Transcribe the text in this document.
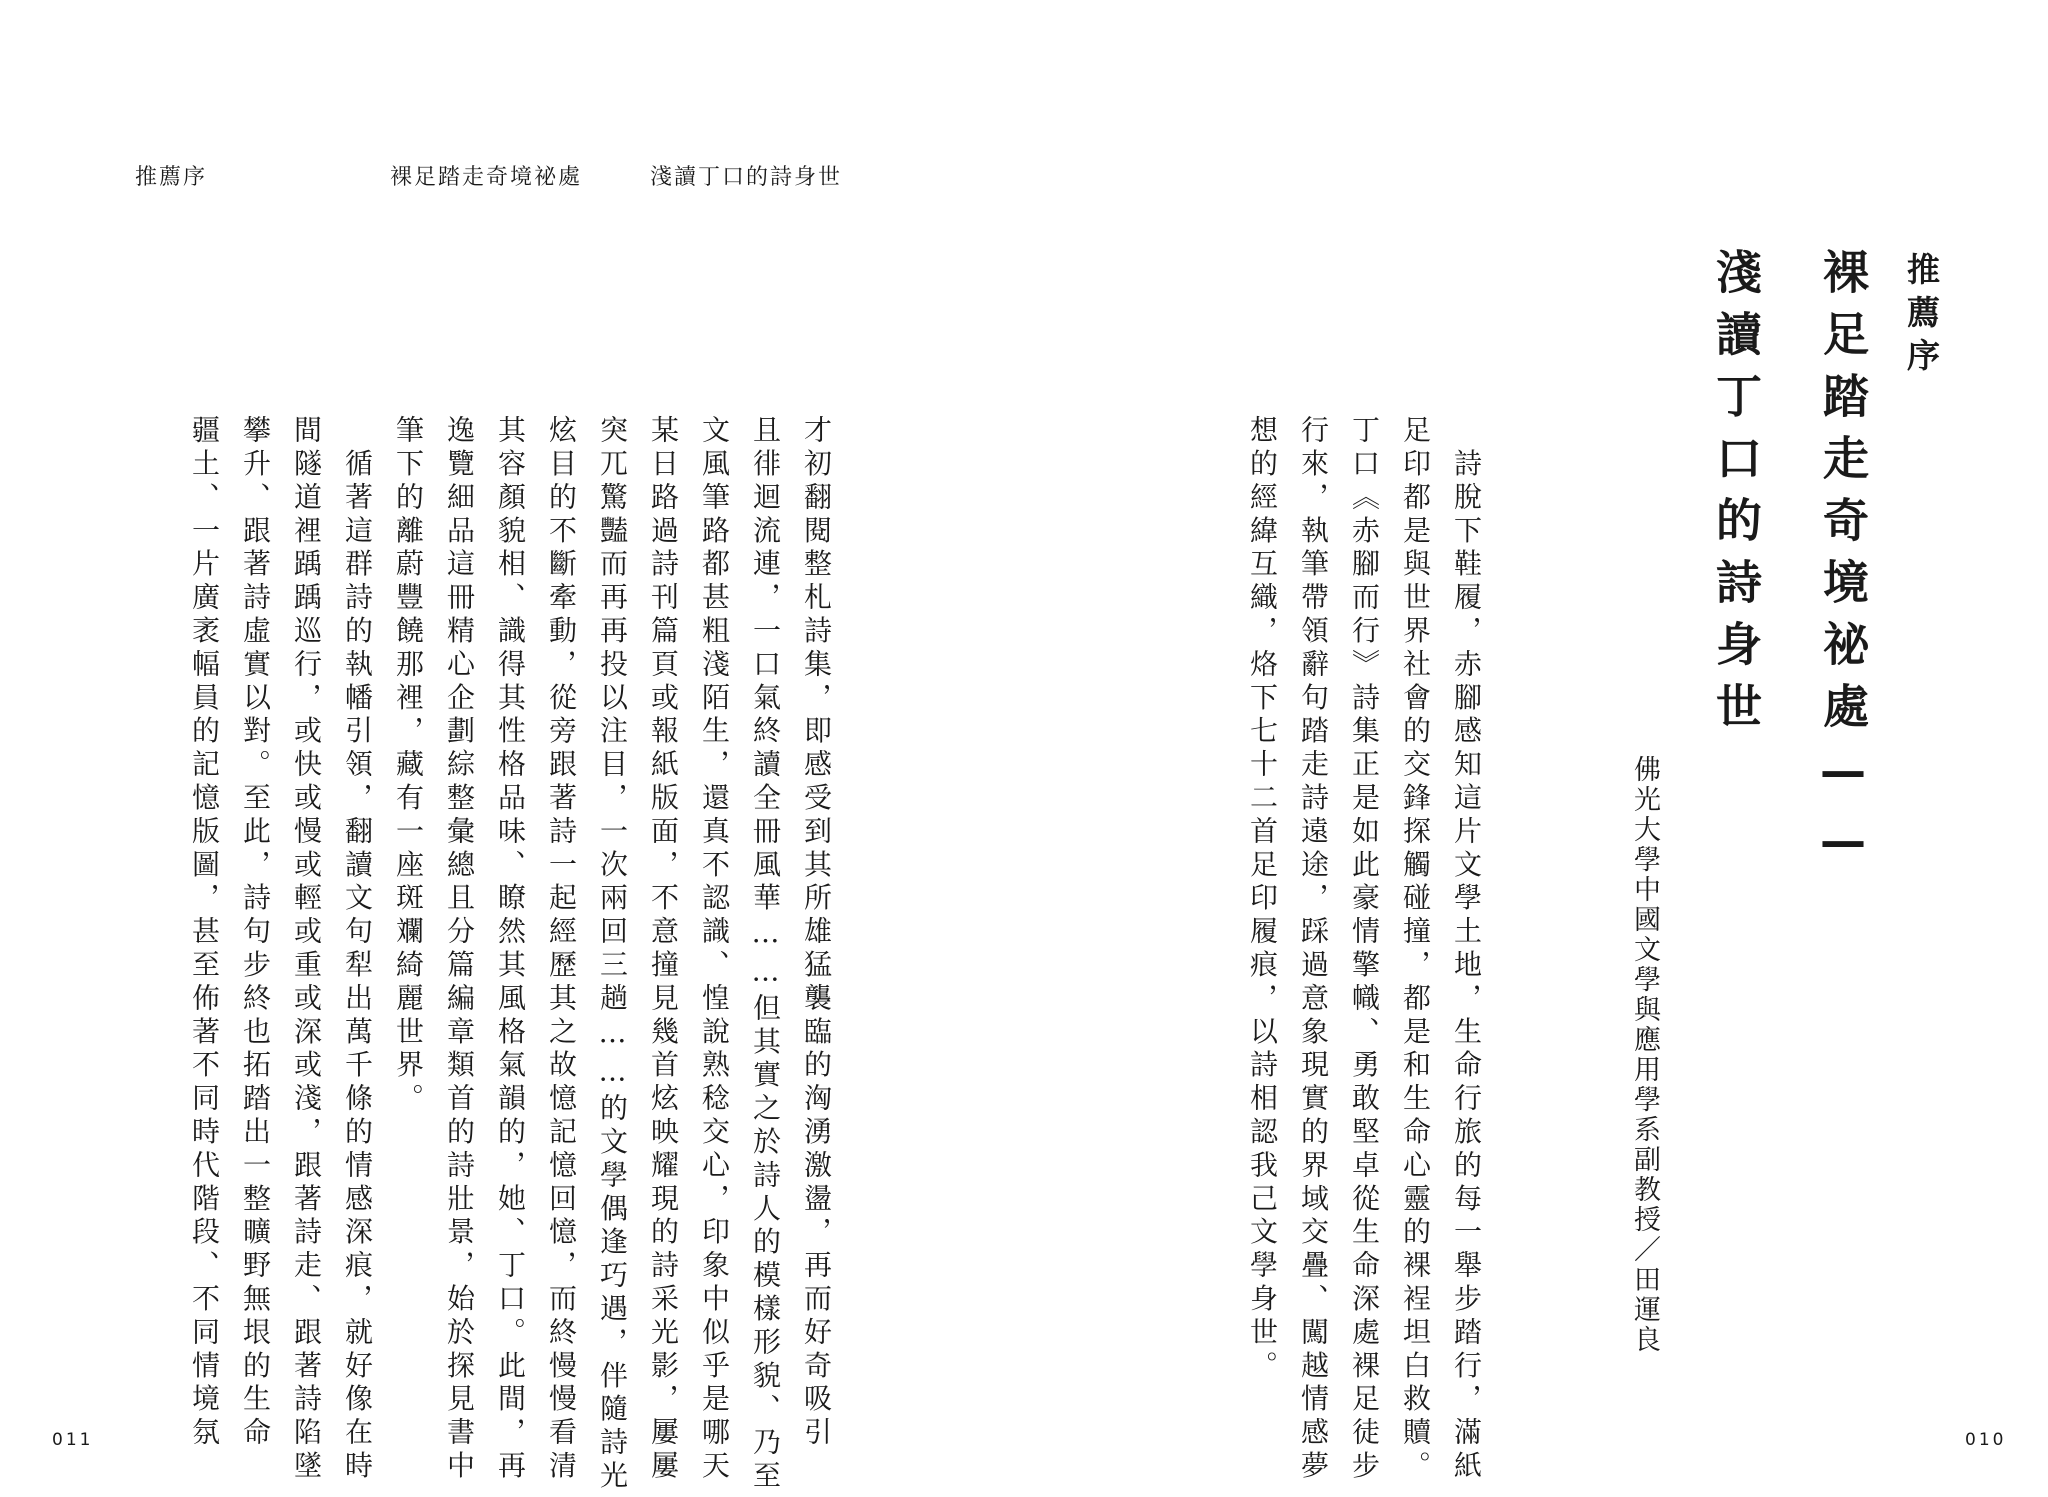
推薦序	裸足踏走奇境祕處	淺讀丁口的詩身世
才初翻閱整札詩集，即感受到其所雄猛襲臨的洶湧激盪，再而好奇吸引
且徘迴流連，一口氣終讀全冊風華……但其實之於詩人的模樣形貌、乃至
文風筆路都甚粗淺陌生，還真不認識、惶說熟稔交心，印象中似乎是哪天
某日路過詩刊篇頁或報紙版面，不意撞見幾首炫映耀現的詩采光影，屢屢
突兀驚豔而再再投以注目，一次兩回三趟……的文學偶逢巧遇，伴隨詩光
炫目的不斷牽動，從旁跟著詩一起經歷其之故憶記憶回憶，而終慢慢看清
其容顏貌相、識得其性格品味、瞭然其風格氣韻的，她、丁口。此間，再
逸覽細品這冊精心企劃綜整彙總且分篇編章類首的詩壯景，始於探見書中
筆下的離蔚豐饒那裡，藏有一座斑斕綺麗世界。
　循著這群詩的執幡引領，翻讀文句犁出萬千條的情感深痕，就好像在時
間隧道裡踽踽巡行，或快或慢或輕或重或深或淺，跟著詩走、跟著詩陷墜
攀升、跟著詩虛實以對。至此，詩句步終也拓踏出一整曠野無垠的生命
疆土、一片廣袤幅員的記憶版圖，甚至佈著不同時代階段、不同情境氛
011
推薦序
裸足踏走奇境祕處——
淺讀丁口的詩身世
佛光大學中國文學與應用學系副教授／田運良
　詩脫下鞋履，赤腳感知這片文學土地，生命行旅的每一舉步踏行，滿紙
足印都是與世界社會的交鋒探觸碰撞，都是和生命心靈的裸裎坦白救贖。
丁口《赤腳而行》詩集正是如此豪情擎幟、勇敢堅卓從生命深處裸足徒步
行來，執筆帶領辭句踏走詩遠途，踩過意象現實的界域交疊、闖越情感夢
想的經緯互織，烙下七十二首足印履痕，以詩相認我己文學身世。
010
